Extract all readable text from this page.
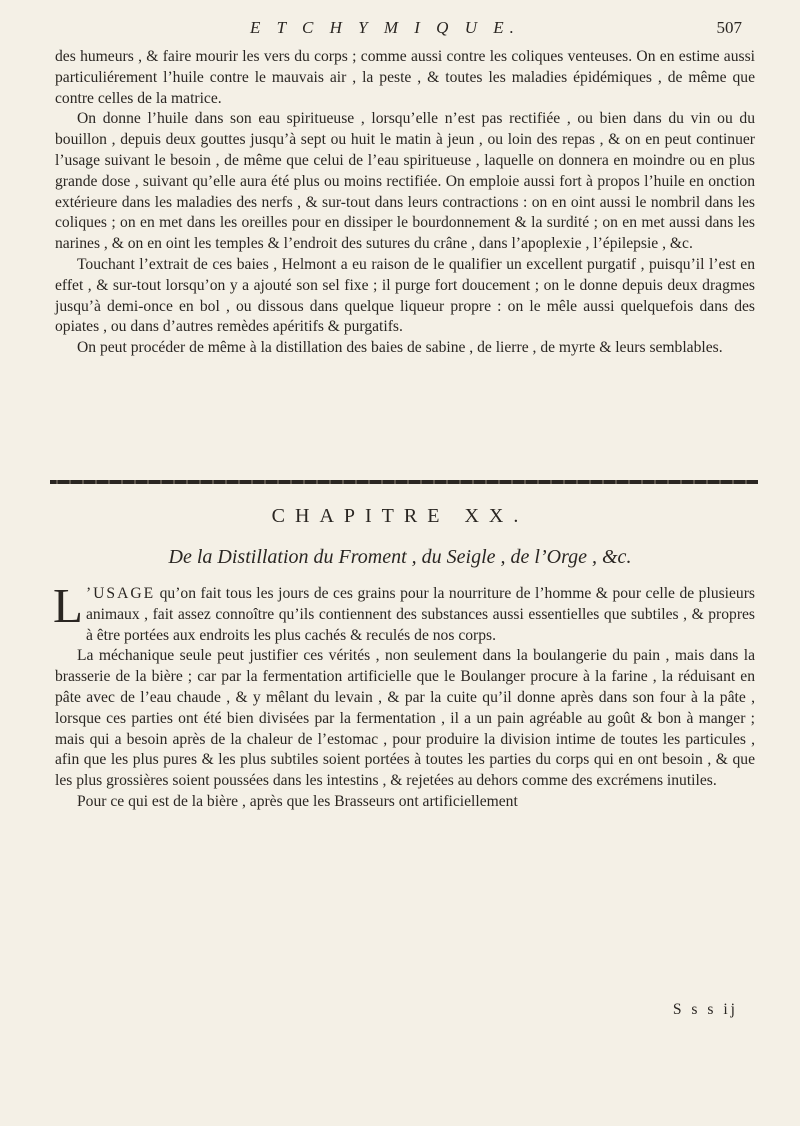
E T C H Y M I Q U E.	507

des humeurs , & faire mourir les vers du corps ; comme aussi contre les coliques venteuses. On en estime aussi particuliérement l’huile contre le mauvais air , la peste , & toutes les maladies épidémiques , de même que contre celles de la matrice.

On donne l’huile dans son eau spiritueuse , lorsqu’elle n’est pas rectifiée , ou bien dans du vin ou du bouillon , depuis deux gouttes jusqu’à sept ou huit le matin à jeun , ou loin des repas , & on en peut continuer l’usage suivant le besoin , de même que celui de l’eau spiritueuse , laquelle on donnera en moindre ou en plus grande dose , suivant qu’elle aura été plus ou moins rectifiée. On emploie aussi fort à propos l’huile en onction extérieure dans les maladies des nerfs , & sur-tout dans leurs contractions : on en oint aussi le nombril dans les coliques ; on en met dans les oreilles pour en dissiper le bourdonnement & la surdité ; on en met aussi dans les narines , & on en oint les temples & l’endroit des sutures du crâne , dans l’apoplexie , l’épilepsie , &c.

Touchant l’extrait de ces baies , Helmont a eu raison de le qualifier un excellent purgatif , puisqu’il l’est en effet , & sur-tout lorsqu’on y a ajouté son sel fixe ; il purge fort doucement ; on le donne depuis deux dragmes jusqu’à demi-once en bol , ou dissous dans quelque liqueur propre : on le mêle aussi quelquefois dans des opiates , ou dans d’autres remèdes apéritifs & purgatifs.

On peut procéder de même à la distillation des baies de sabine , de lierre , de myrte & leurs semblables.

CHAPITRE XX.
De la Distillation du Froment , du Seigle , de l’Orge , &c.

L ’USAGE qu’on fait tous les jours de ces grains pour la nourriture de l’homme & pour celle de plusieurs animaux , fait assez connoître qu’ils contiennent des substances aussi essentielles que subtiles , & propres à être portées aux endroits les plus cachés & reculés de nos corps.

La méchanique seule peut justifier ces vérités , non seulement dans la boulangerie du pain , mais dans la brasserie de la bière ; car par la fermentation artificielle que le Boulanger procure à la farine , la réduisant en pâte avec de l’eau chaude , & y mêlant du levain , & par la cuite qu’il donne après dans son four à la pâte , lorsque ces parties ont été bien divisées par la fermentation , il a un pain agréable au goût & bon à manger ; mais qui a besoin après de la chaleur de l’estomac , pour produire la division intime de toutes les particules , afin que les plus pures & les plus subtiles soient portées à toutes les parties du corps qui en ont besoin , & que les plus grossières soient poussées dans les intestins , & rejetées au dehors comme des excrémens inutiles.

Pour ce qui est de la bière , après que les Brasseurs ont artificiellement

S s s ij
